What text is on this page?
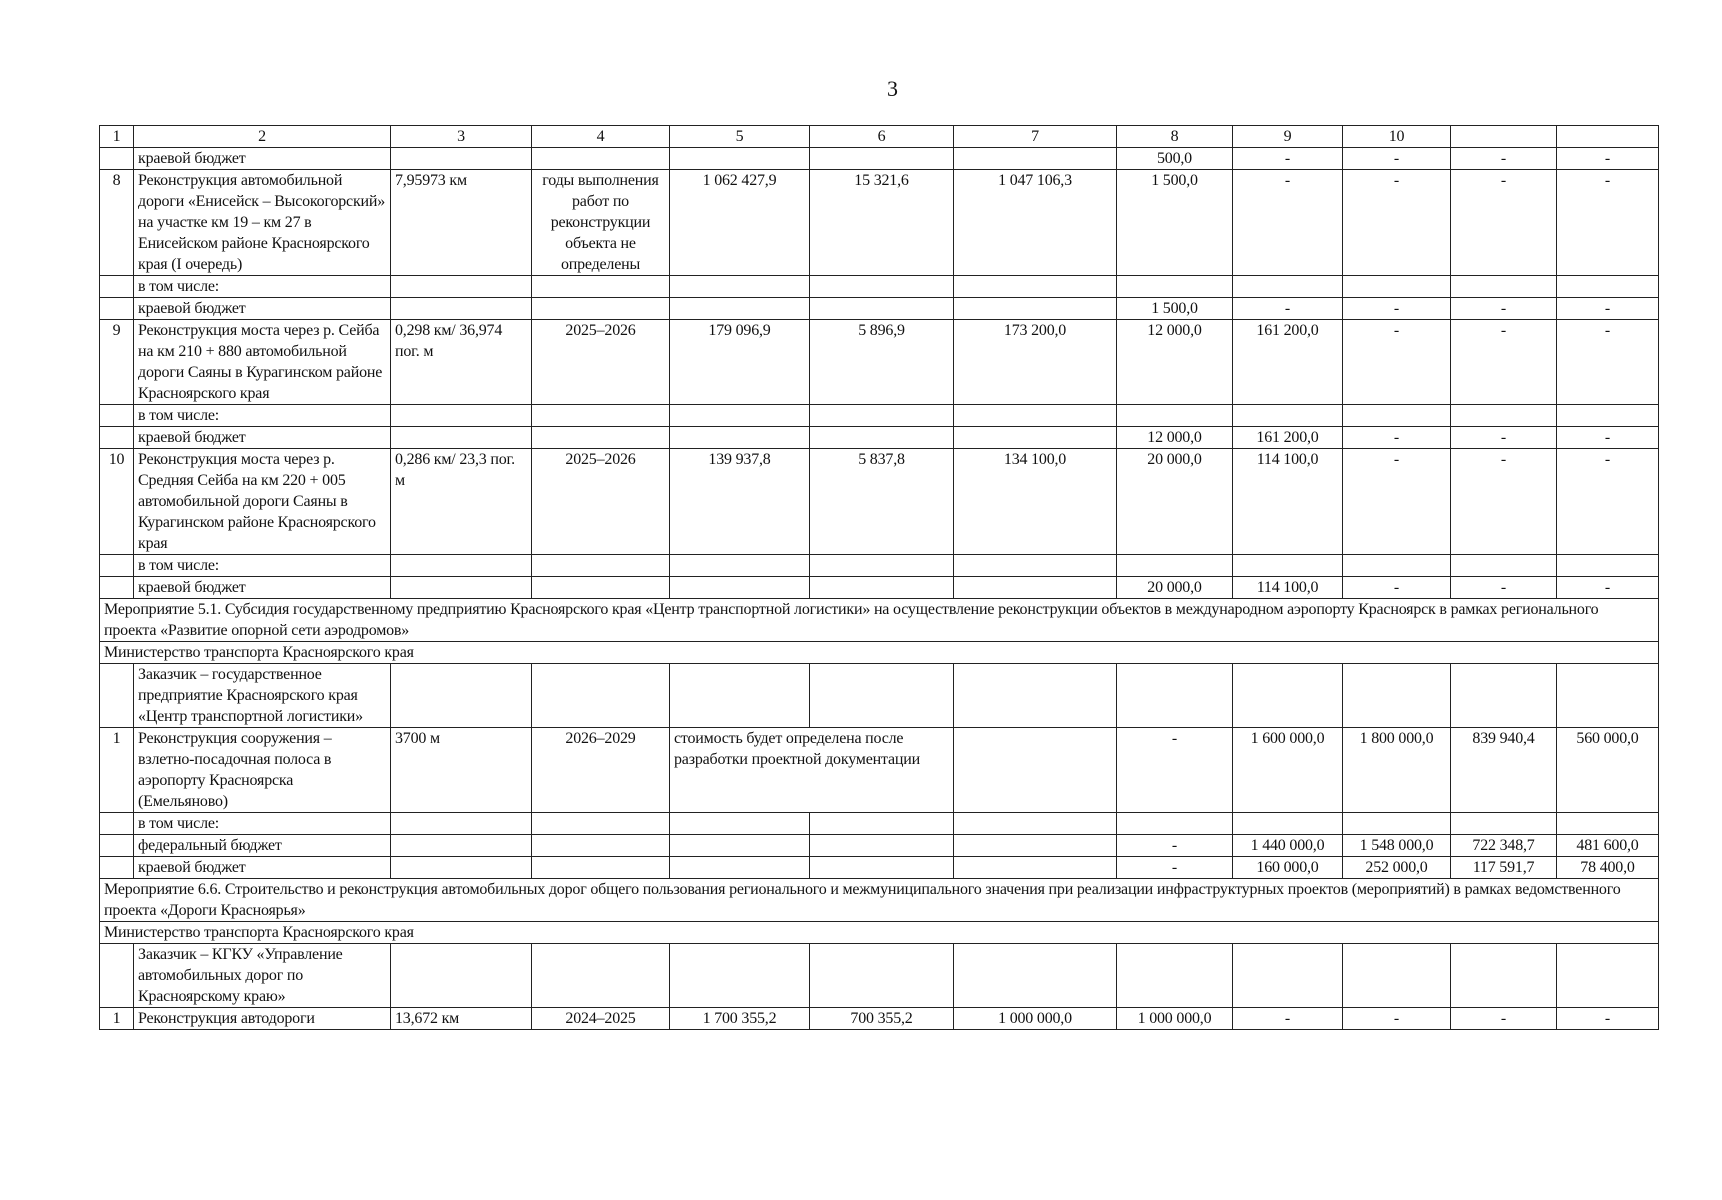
3
1	2	3	4	5	6	7	8	9	10		
	краевой бюджет						500,0	-	-	-	-
8	Реконструкция автомобильной дороги «Енисейск – Высокогорский» на участке км 19 – км 27 в Енисейском районе Красноярского края (I очередь)	7,95973 км	годы выполнения работ по реконструкции объекта не определены	1 062 427,9	15 321,6	1 047 106,3	1 500,0	-	-	-	-
	в том числе:										
	краевой бюджет						1 500,0	-	-	-	-
9	Реконструкция моста через р. Сейба на км 210 + 880 автомобильной дороги Саяны в Курагинском районе Красноярского края	0,298 км/ 36,974 пог. м	2025–2026	179 096,9	5 896,9	173 200,0	12 000,0	161 200,0	-	-	-
	в том числе:										
	краевой бюджет						12 000,0	161 200,0	-	-	-
10	Реконструкция моста через р. Средняя Сейба на км 220 + 005 автомобильной дороги Саяны в Курагинском районе Красноярского края	0,286 км/ 23,3 пог. м	2025–2026	139 937,8	5 837,8	134 100,0	20 000,0	114 100,0	-	-	-
	в том числе:										
	краевой бюджет						20 000,0	114 100,0	-	-	-
Мероприятие 5.1. Субсидия государственному предприятию Красноярского края «Центр транспортной логистики» на осуществление реконструкции объектов в международном аэропорту Красноярск в рамках регионального проекта «Развитие опорной сети аэродромов»											
Министерство транспорта Красноярского края											
	Заказчик – государственное предприятие Красноярского края «Центр транспортной логистики»										
1	Реконструкция сооружения – взлетно-посадочная полоса в аэропорту Красноярска (Емельяново)	3700 м	2026–2029	стоимость будет определена после разработки проектной документации			-	1 600 000,0	1 800 000,0	839 940,4	560 000,0
	в том числе:										
	федеральный бюджет						-	1 440 000,0	1 548 000,0	722 348,7	481 600,0
	краевой бюджет						-	160 000,0	252 000,0	117 591,7	78 400,0
Мероприятие 6.6. Строительство и реконструкция автомобильных дорог общего пользования регионального и межмуниципального значения при реализации инфраструктурных проектов (мероприятий) в рамках ведомственного проекта «Дороги Красноярья»											
Министерство транспорта Красноярского края											
	Заказчик – КГКУ «Управление автомобильных дорог по Красноярскому краю»										
1	Реконструкция автодороги	13,672 км	2024–2025	1 700 355,2	700 355,2	1 000 000,0	1 000 000,0	-	-	-	-
